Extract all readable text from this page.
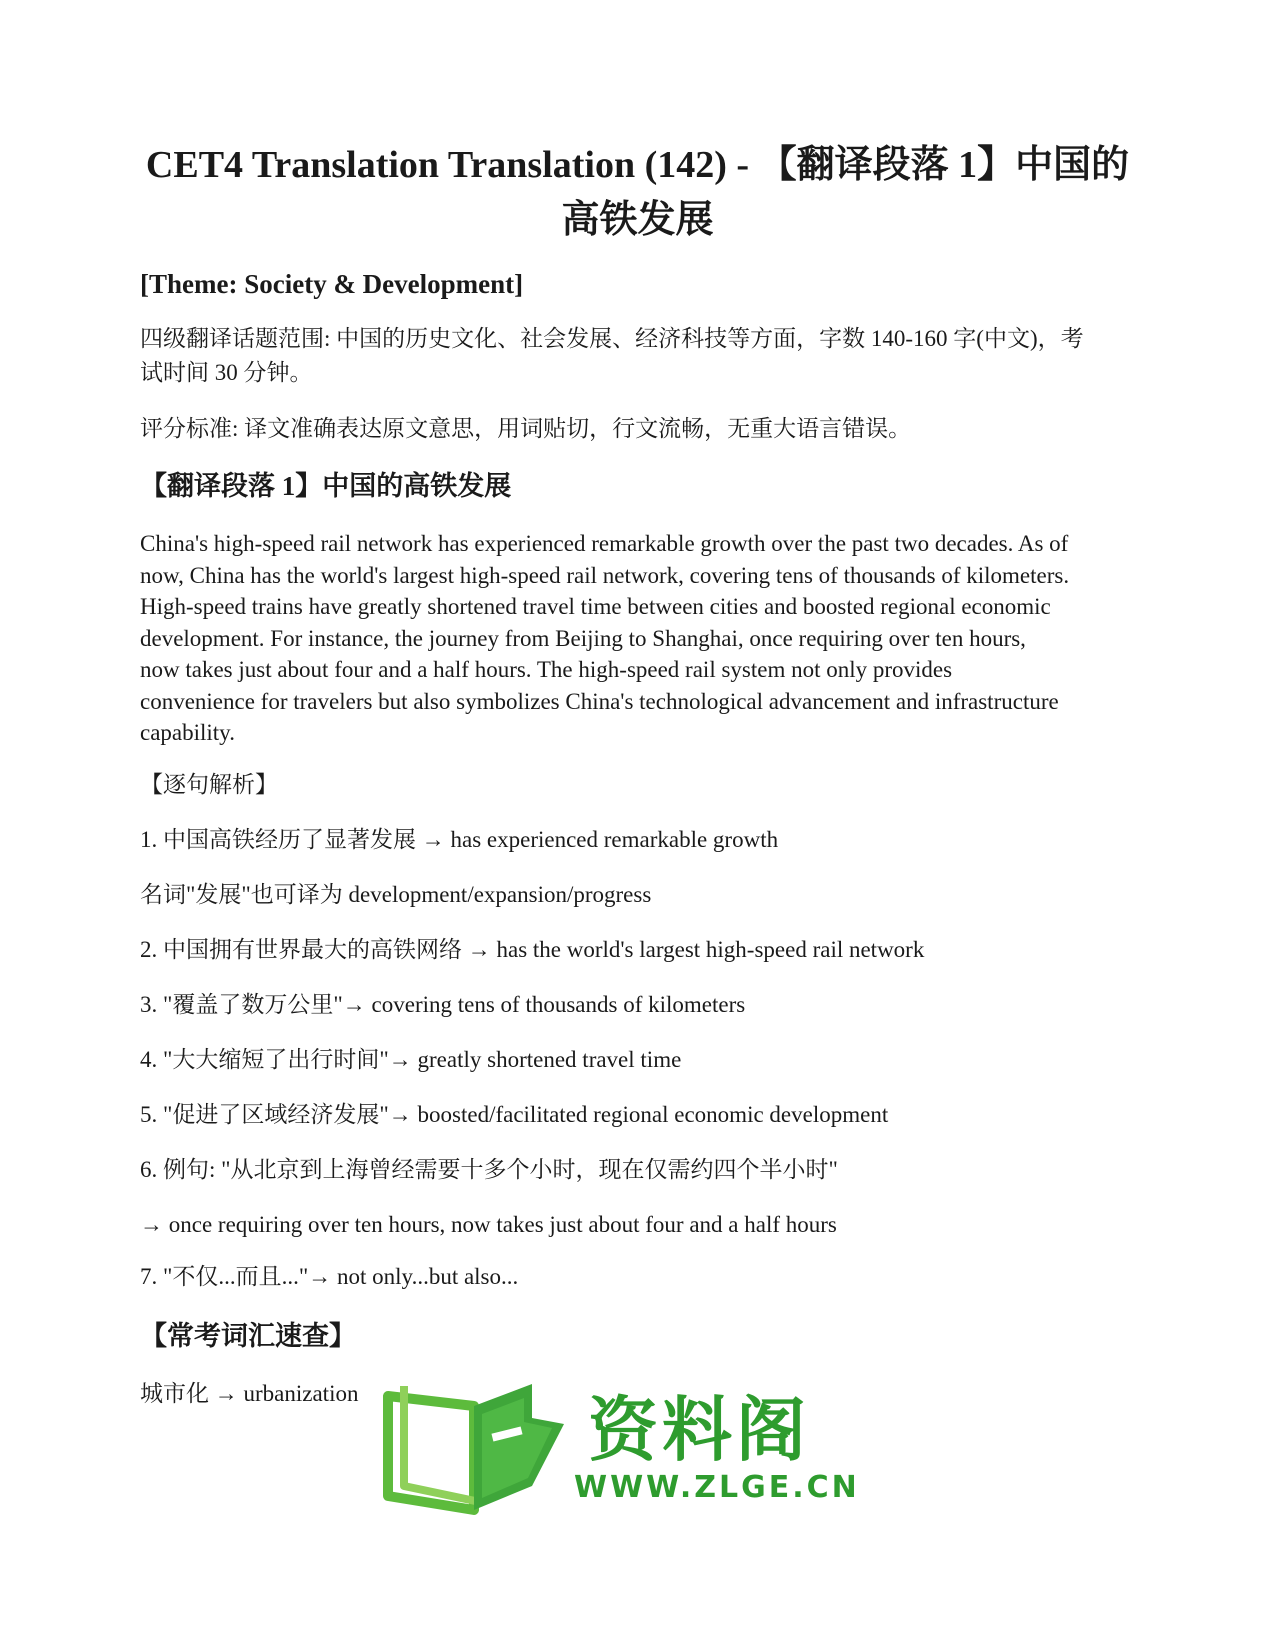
CET4 Translation Translation (142) - 【翻译段落 1】中国的高铁发展
[Theme: Society & Development]

四级翻译话题范围: 中国的历史文化、社会发展、经济科技等方面，字数 140-160 字(中文)，考试时间 30 分钟。

评分标准: 译文准确表达原文意思，用词贴切，行文流畅，无重大语言错误。

【翻译段落 1】中国的高铁发展

China's high-speed rail network has experienced remarkable growth over the past two decades. As of now, China has the world's largest high-speed rail network, covering tens of thousands of kilometers. High-speed trains have greatly shortened travel time between cities and boosted regional economic development. For instance, the journey from Beijing to Shanghai, once requiring over ten hours, now takes just about four and a half hours. The high-speed rail system not only provides convenience for travelers but also symbolizes China's technological advancement and infrastructure capability.

【逐句解析】

1. 中国高铁经历了显著发展 → has experienced remarkable growth

名词"发展"也可译为 development/expansion/progress

2. 中国拥有世界最大的高铁网络 → has the world's largest high-speed rail network

3. "覆盖了数万公里"→ covering tens of thousands of kilometers

4. "大大缩短了出行时间"→ greatly shortened travel time

5. "促进了区域经济发展"→ boosted/facilitated regional economic development

6. 例句: "从北京到上海曾经需要十多个小时，现在仅需约四个半小时"

→ once requiring over ten hours, now takes just about four and a half hours

7. "不仅...而且..."→ not only...but also...

【常考词汇速查】

城市化 → urbanization	资料阁
WWW.ZLGE.CN
